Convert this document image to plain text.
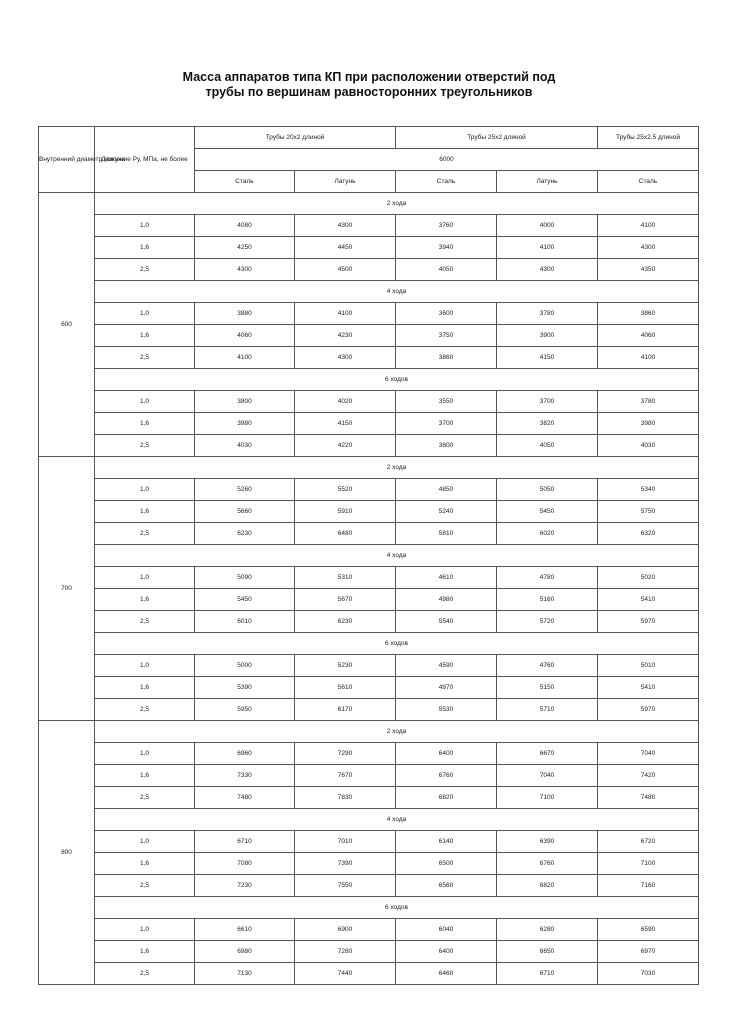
Масса аппаратов типа КП при расположении отверстий под
трубы по вершинам равносторонних треугольников
Внутренний диаметр кожуха	Давление Ру, МПа, не более	Трубы 20х2 длиной		Трубы 25х2 длиной		Трубы 25х2.5 длиной
		6000				
		Сталь	Латунь	Сталь	Латунь	Сталь
600	2 хода					
	1,0	4080	4300	3760	4000	4100
	1,6	4250	4450	3940	4100	4300
	2,5	4300	4500	4050	4300	4350
	4 хода					
	1,0	3880	4100	3600	3780	3860
	1,6	4060	4230	3750	3900	4060
	2,5	4100	4300	3860	4150	4100
	6 ходов					
	1,0	3800	4020	3550	3700	3780
	1,6	3980	4150	3700	3820	3980
	2,5	4030	4220	3800	4050	4030
700	2 хода					
	1,0	5260	5520	4850	5050	5340
	1,6	5660	5910	5240	5450	5750
	2,5	6230	6480	5810	6020	6320
	4 хода					
	1,0	5090	5310	4610	4780	5020
	1,6	5450	5670	4980	5160	5410
	2,5	6010	6230	5540	5720	5970
	6 ходов					
	1,0	5000	5230	4590	4760	5010
	1,6	5390	5610	4970	5150	5410
	2,5	5950	6170	5530	5710	5970
800	2 хода					
	1,0	6960	7290	6400	6670	7040
	1,6	7330	7670	6760	7040	7420
	2,5	7480	7830	6820	7100	7480
	4 хода					
	1,0	6710	7010	6140	6390	6720
	1,6	7080	7390	6500	6760	7100
	2,5	7230	7550	6560	6820	7160
	6 ходов					
	1,0	6610	6900	6040	6280	6590
	1,6	6980	7280	6400	6650	6970
	2,5	7130	7440	6460	6710	7030
